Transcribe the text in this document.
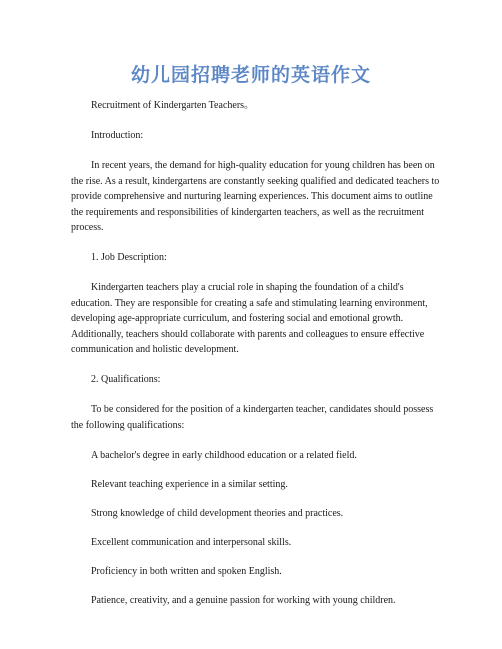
幼儿园招聘老师的英语作文

Recruitment of Kindergarten Teachers。

Introduction:

In recent years, the demand for high-quality education for young children has been on the rise. As a result, kindergartens are constantly seeking qualified and dedicated teachers to provide comprehensive and nurturing learning experiences. This document aims to outline the requirements and responsibilities of kindergarten teachers, as well as the recruitment process.

1. Job Description:

Kindergarten teachers play a crucial role in shaping the foundation of a child's education. They are responsible for creating a safe and stimulating learning environment, developing age-appropriate curriculum, and fostering social and emotional growth. Additionally, teachers should collaborate with parents and colleagues to ensure effective communication and holistic development.

2. Qualifications:

To be considered for the position of a kindergarten teacher, candidates should possess the following qualifications:

A bachelor's degree in early childhood education or a related field.

Relevant teaching experience in a similar setting.

Strong knowledge of child development theories and practices.

Excellent communication and interpersonal skills.

Proficiency in both written and spoken English.

Patience, creativity, and a genuine passion for working with young children.
